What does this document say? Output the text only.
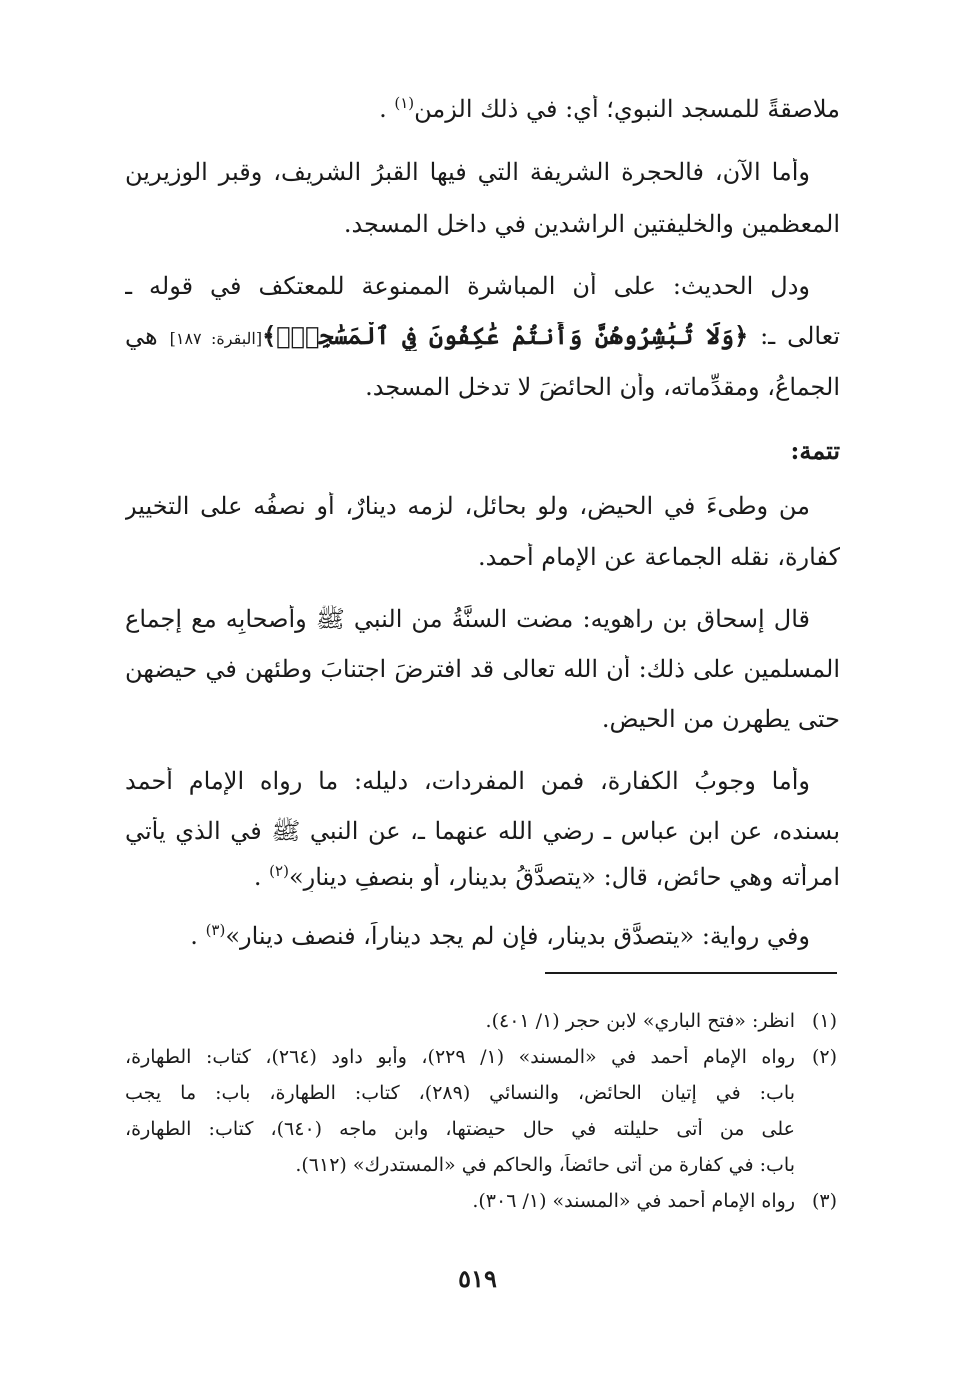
ملاصقةً للمسجد النبوي؛ أي: في ذلك الزمن$^{(١)}$ .
وأما الآن، فالحجرة الشريفة التي فيها القبرُ الشريف، وقبر الوزيرين
المعظمين والخليفتين الراشدين في داخل المسجد.
ودل الحديث: على أن المباشرة الممنوعة للمعتكف في قوله ـ
تعالى ـ: ﴿وَلَا تُبَٰشِرُوهُنَّ وَأَنتُمْ عَٰكِفُونَ فِي ٱلْمَسَٰجِدِۗ﴾[البقرة: ١٨٧] هي
الجماعُ، ومقدِّماته، وأن الحائضَ لا تدخل المسجد.
تتمة:
من وطىءَ في الحيض، ولو بحائل، لزمه دينارٌ، أو نصفُه على التخيير
كفارة، نقله الجماعة عن الإمام أحمد.
قال إسحاق بن راهويه: مضت السنَّةُ من النبي ﷺ وأصحابِه مع إجماع
المسلمين على ذلك: أن الله تعالى قد افترضَ اجتنابَ وطئهن في حيضهن
حتى يطهرن من الحيض.
وأما وجوبُ الكفارة، فمن المفردات، دليله: ما رواه الإمام أحمد
بسنده، عن ابن عباس ـ رضي الله عنهما ـ، عن النبي ﷺ في الذي يأتي
امرأته وهي حائض، قال: «يتصدَّقُ بدينار، أو بنصفِ دينارٍ»$^{(٢)}$ .
وفي رواية: «يتصدَّق بدينار، فإن لم يجد ديناراً، فنصف دينار»$^{(٣)}$ .
(١)
انظر: «فتح الباري» لابن حجر (١/ ٤٠١).
(٢)
رواه الإمام أحمد في «المسند» (١/ ٢٢٩)، وأبو داود (٢٦٤)، كتاب: الطهارة،
باب: في إتيان الحائض، والنسائي (٢٨٩)، كتاب: الطهارة، باب: ما يجب
على من أتى حليلته في حال حيضتها، وابن ماجه (٦٤٠)، كتاب: الطهارة،
باب: في كفارة من أتى حائضاً، والحاكم في «المستدرك» (٦١٢).
(٣)
رواه الإمام أحمد في «المسند» (١/ ٣٠٦).
٥١٩
